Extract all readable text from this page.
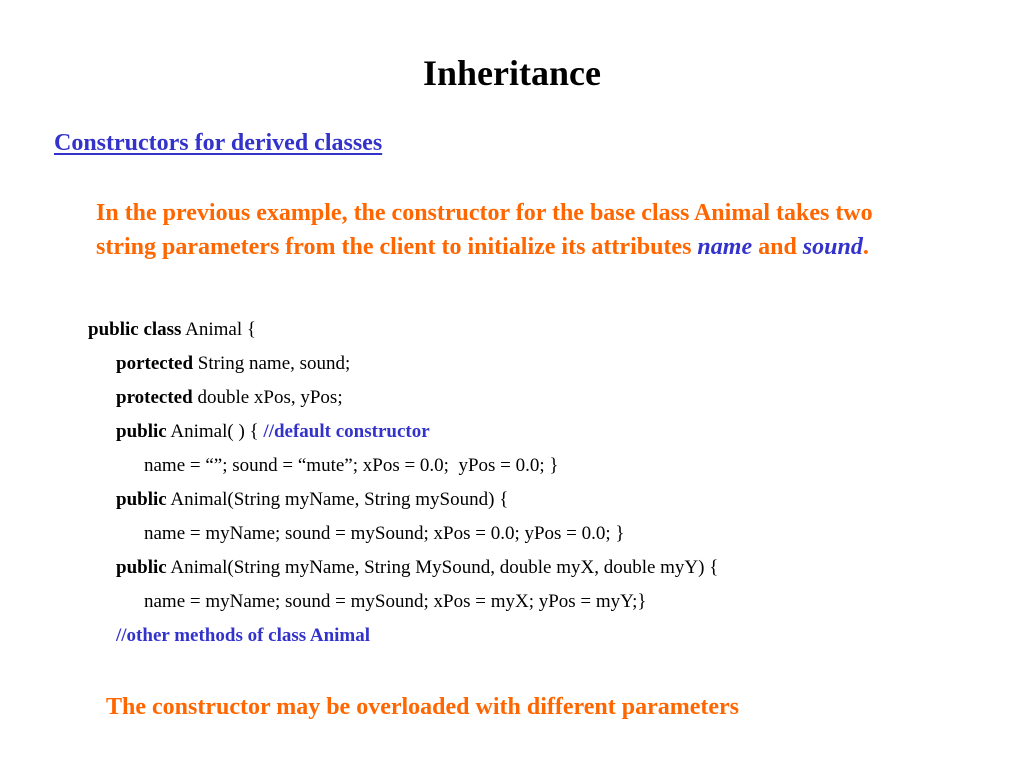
Inheritance
Constructors for derived classes
In the previous example, the constructor for the base class Animal takes two string parameters from the client to initialize its attributes name and sound.
public class Animal {
portected String name, sound;
protected double xPos, yPos;
public Animal( ) { //default constructor
name = “”; sound = “mute”; xPos = 0.0;  yPos = 0.0; }
public Animal(String myName, String mySound) {
name = myName; sound = mySound; xPos = 0.0; yPos = 0.0; }
public Animal(String myName, String MySound, double myX, double myY) {
name = myName; sound = mySound; xPos = myX; yPos = myY;}
//other methods of class Animal
The constructor may be overloaded with different parameters
